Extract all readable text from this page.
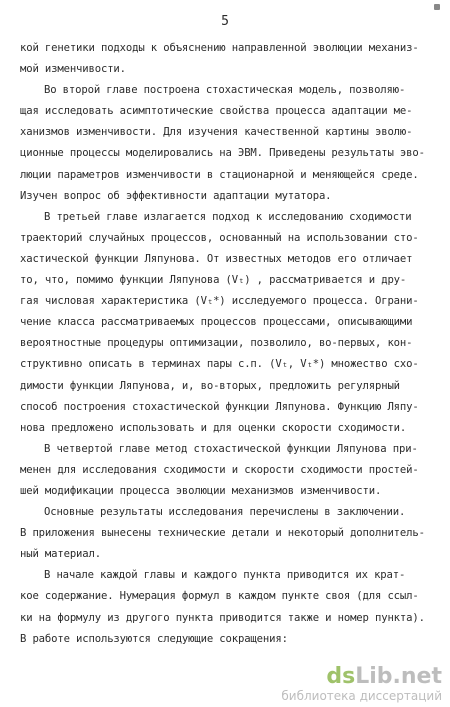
5
кой генетики подходы к объяснению направленной эволюции механиз-
мой изменчивости.
Во второй главе построена стохастическая модель, позволяю-
щая исследовать асимптотические свойства процесса адаптации ме-
ханизмов изменчивости. Для изучения качественной картины эволю-
ционные процессы моделировались на ЭВМ. Приведены результаты эво-
люции параметров изменчивости в стационарной и меняющейся среде.
Изучен вопрос об эффективности адаптации мутатора.
В третьей главе излагается подход к исследованию сходимости
траекторий случайных процессов, основанный на использовании сто-
хастической функции Ляпунова. От известных методов его отличает
то, что, помимо функции Ляпунова (Vₜ) , рассматривается и дру-
гая числовая характеристика (Vₜ*) исследуемого процесса. Ограни-
чение класса рассматриваемых процессов процессами, описывающими
вероятностные процедуры оптимизации, позволило, во-первых, кон-
структивно описать в терминах пары с.п. (Vₜ, Vₜ*) множество схо-
димости функции Ляпунова, и, во-вторых, предложить регулярный
способ построения стохастической функции Ляпунова. Функцию Ляпу-
нова предложено использовать и для оценки скорости сходимости.
В четвертой главе метод стохастической функции Ляпунова при-
менен для исследования сходимости и скорости сходимости простей-
шей модификации процесса эволюции механизмов изменчивости.
Основные результаты исследования перечислены в заключении.
В приложения вынесены технические детали и некоторый дополнитель-
ный материал.
В начале каждой главы и каждого пункта приводится их крат-
кое содержание. Нумерация формул в каждом пункте своя (для ссыл-
ки на формулу из другого пункта приводится также и номер пункта).
В работе используются следующие сокращения:
dsLib.net
библиотека диссертаций
